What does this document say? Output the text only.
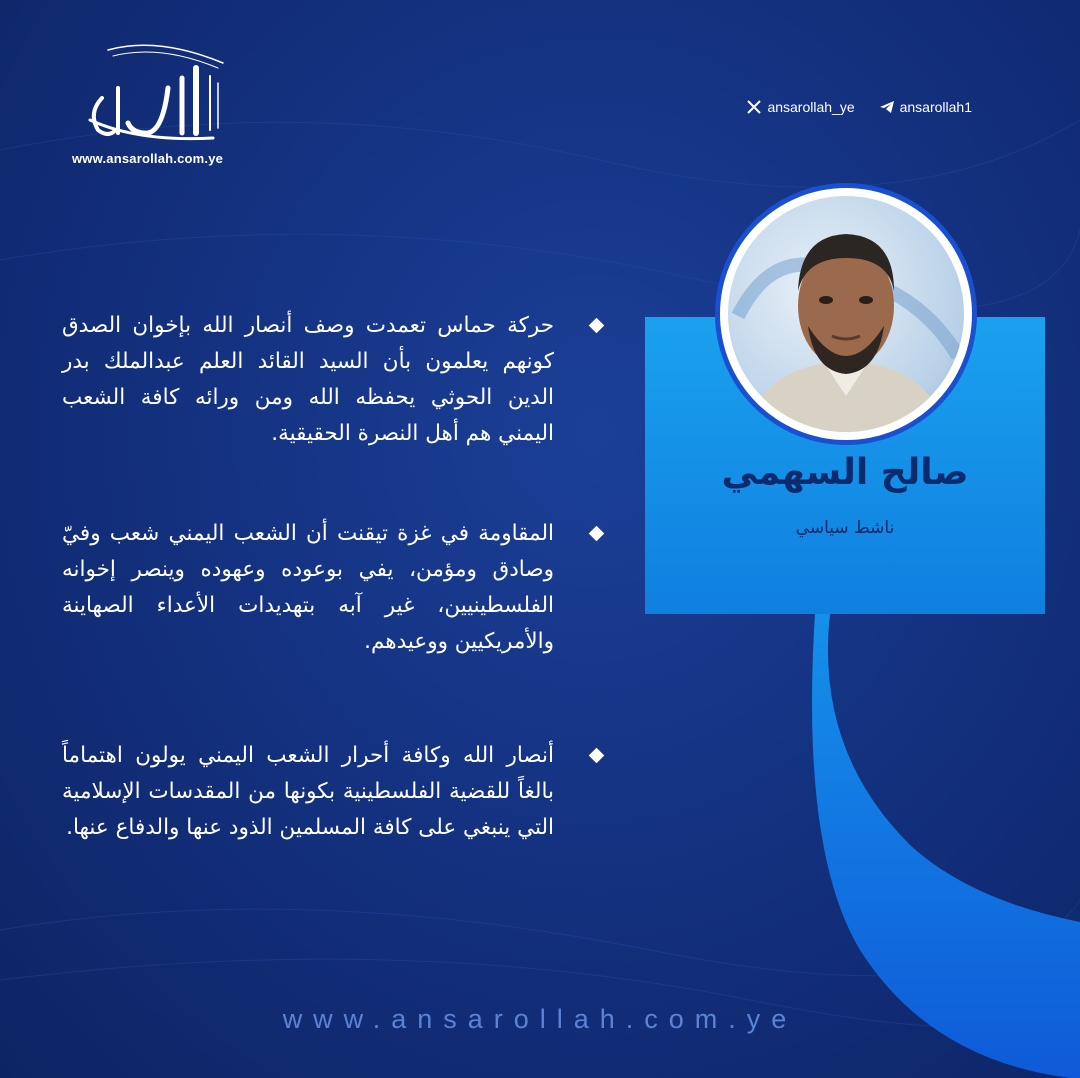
www.ansarollah.com.ye
ansarollah_ye	ansarollah1
صالح السهمي
ناشط سياسي
حركة حماس تعمدت وصف أنصار الله بإخوان الصدق كونهم يعلمون بأن السيد القائد العلم عبدالملك بدر الدين الحوثي يحفظه الله ومن ورائه كافة الشعب اليمني هم أهل النصرة الحقيقية.
المقاومة في غزة تيقنت أن الشعب اليمني شعب وفيّ وصادق ومؤمن، يفي بوعوده وعهوده وينصر إخوانه الفلسطينيين، غير آبه بتهديدات الأعداء الصهاينة والأمريكيين ووعيدهم.
أنصار الله وكافة أحرار الشعب اليمني يولون اهتماماً بالغاً للقضية الفلسطينية بكونها من المقدسات الإسلامية التي ينبغي على كافة المسلمين الذود عنها والدفاع عنها.
www.ansarollah.com.ye
